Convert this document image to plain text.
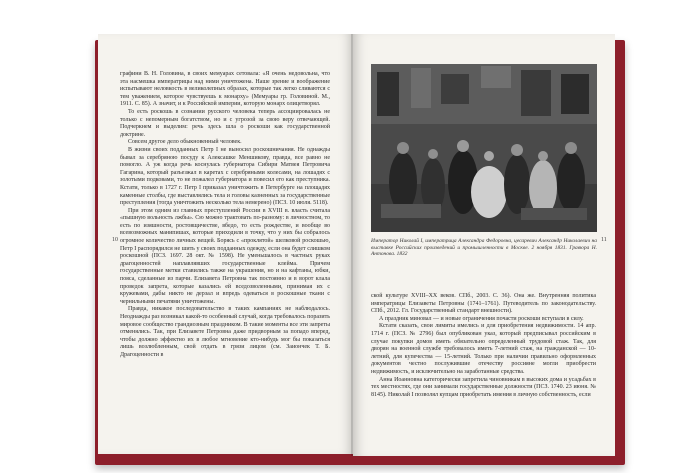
графини В. Н. Головина, в своих мемуарах сетовала: «Я очень недовольна, что эта насмешка императрицы над ними уничтожена. Наше зрение и воображение испытывают неловкость в великолепных образах, которые так легко сливаются с тем уважением, которое чувствуешь к монарху» (Мемуары гр. Головиной. М., 1911. С. 85). А значит, и к Российской империи, которую монарх олицетворял.

То есть роскошь в сознании русского человека теперь ассоциировалась не только с непомерным богатством, но и с угрозой за свою веру отвечающей. Подчеркнем и выделим: речь здесь шла о роскоши как государственной доктрине.

Совсем другое дело обыкновенный человек.

В жизни своих подданных Петр I не выносил роскошничания. Не однажды бывал за серебряною посуду к Алексашке Меншикову, правда, все равно не помогло. А уж когда речь коснулась губернатора Сибири Матвея Петровича Гагарина, который разъезжал в каретах с серебряными колесами, на лошадях с золотыми подковами, то не пожалел губернатора и повесил его как преступника. Кстати, только в 1727 г. Петр I приказал уничтожить в Петербурге на площадях каменные столбы, где выставлялись тела и головы казненных за государственные преступления (тогда уничтожить несколько тела немерено) (ПСЗ. 10 июля. 5118).

При этом одним из главных преступлений России в XVIII в. власть считала «пышную вольность лжбы». Сю можно трактовать по-разному: в личностном, то есть по изяшности, ростовщичестве, вбедо, то есть рождестве, и вообще во всевозможных манипишах, которые приходили в точку, что у них бы собралось огромное количество личных вещей. Борясь с «проклятой» шелковой роскошью, Петр I распорядился не шить у своих подданных одежду, если она будет слишком роскошной (ПСЗ. 1697. 28 окт. № 1598). Не уменьшалось в частных руках драгоценностей наплавлявших государственные клейма. Причем государственные метки ставились также на украшения, но и на кафтаны, юбки, пояса, сделанные из парчи. Елизавета Петровна так постоянно и в ворот клала проведок запрета, которые казались ей вседозволенными, принимая их с кружевами, дабы никто не дерзал и впредь одеваться в роскошные ткани с чернильными печатями уничтожены.

Правда, никакое последовательство в таких кампаниях не наблюдалось. Неоднажды раз возникал какой-то особенный случай, когда требовалось поразить мировое сообщество грандиозным праздником. В такие моменты все эти запреты отменялись. Так, при Елизавете Петровна даже придворным за попадо вперед, чтобы должно эффектно их в любое мгновение кто-нибудь мог бы показаться лишь возлюбленным, свой отдать в грязи лицом (см. Заиончек Т. Б. Драгоценности в

10	Император Николай I, императрица Александра Федоровна, цесаревич Александр Николаевич на выставке Российских произведений и промышленности в Москве. 2 ноября 1831. Гравюра Н. Антонова. 1832

ской культуре XVIII–XX веков. СПб., 2003. С. 36). Она же. Внутренняя политика императрицы Елизаветы Петровны (1741–1761). Путеводитель по законодательству. СПб., 2012. Гл. Государственный стандарт внешности).

А праздник миновал — и новые ограничения почасти роскоши вступали в силу.

Кстати сказать, свои лимиты имелись и для приобретения недвижимости. 14 апр. 1714 г. (ПСЗ. № 2796) был опубликован указ, который предписывал российским в случае покупки домов иметь обязательно определенный трудовой стаж. Так, для дворян на военной службе требовалось иметь 7-летний стаж, на гражданской — 10-летний, для купечества — 15-летний. Только при наличии правильно оформленных документов честно послужившие отечеству россияне могли приобрести недвижимость, и исключительно на заработанные средства.

Анна Иоанновна категорически запретила чиновникам в высоких дома и усадьбах в тех местностях, где они занимали государственные должности (ПСЗ. 1740. 23 июня. № 8145). Николай I позволял купцам приобретать имения в личную собственность, если

11
